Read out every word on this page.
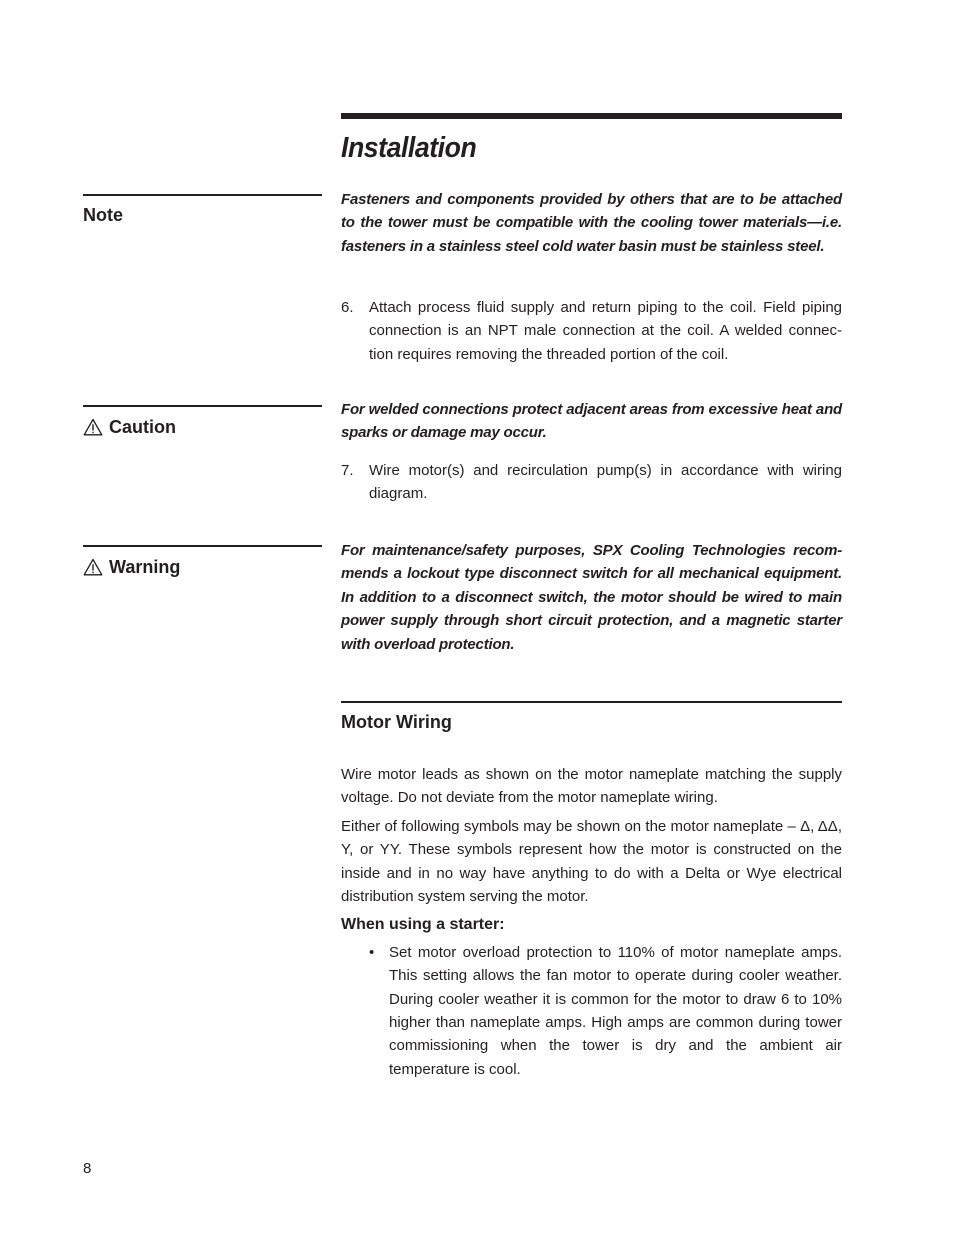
Installation
Note
Fasteners and components provided by others that are to be attached to the tower must be compatible with the cooling tower materials—i.e. fasteners in a stainless steel cold water basin must be stainless steel.
6.	Attach process fluid supply and return piping to the coil. Field piping connection is an NPT male connection at the coil. A welded connec-tion requires removing the threaded portion of the coil.
Caution
For welded connections protect adjacent areas from excessive heat and sparks or damage may occur.
7.	Wire motor(s) and recirculation pump(s) in accordance with wiring diagram.
Warning
For maintenance/safety purposes, SPX Cooling Technologies recom-mends a lockout type disconnect switch for all mechanical equipment. In addition to a disconnect switch, the motor should be wired to main power supply through short circuit protection, and a magnetic starter with overload protection.
Motor Wiring

Wire motor leads as shown on the motor nameplate matching the supply voltage. Do not deviate from the motor nameplate wiring.

Either of following symbols may be shown on the motor nameplate – Δ, ΔΔ, Y, or YY. These symbols represent how the motor is constructed on the inside and in no way have anything to do with a Delta or Wye electrical distribution system serving the motor.

When using a starter:
• Set motor overload protection to 110% of motor nameplate amps. This setting allows the fan motor to operate during cooler weather. During cooler weather it is common for the motor to draw 6 to 10% higher than nameplate amps. High amps are common during tower commissioning when the tower is dry and the ambient air temperature is cool.
8
